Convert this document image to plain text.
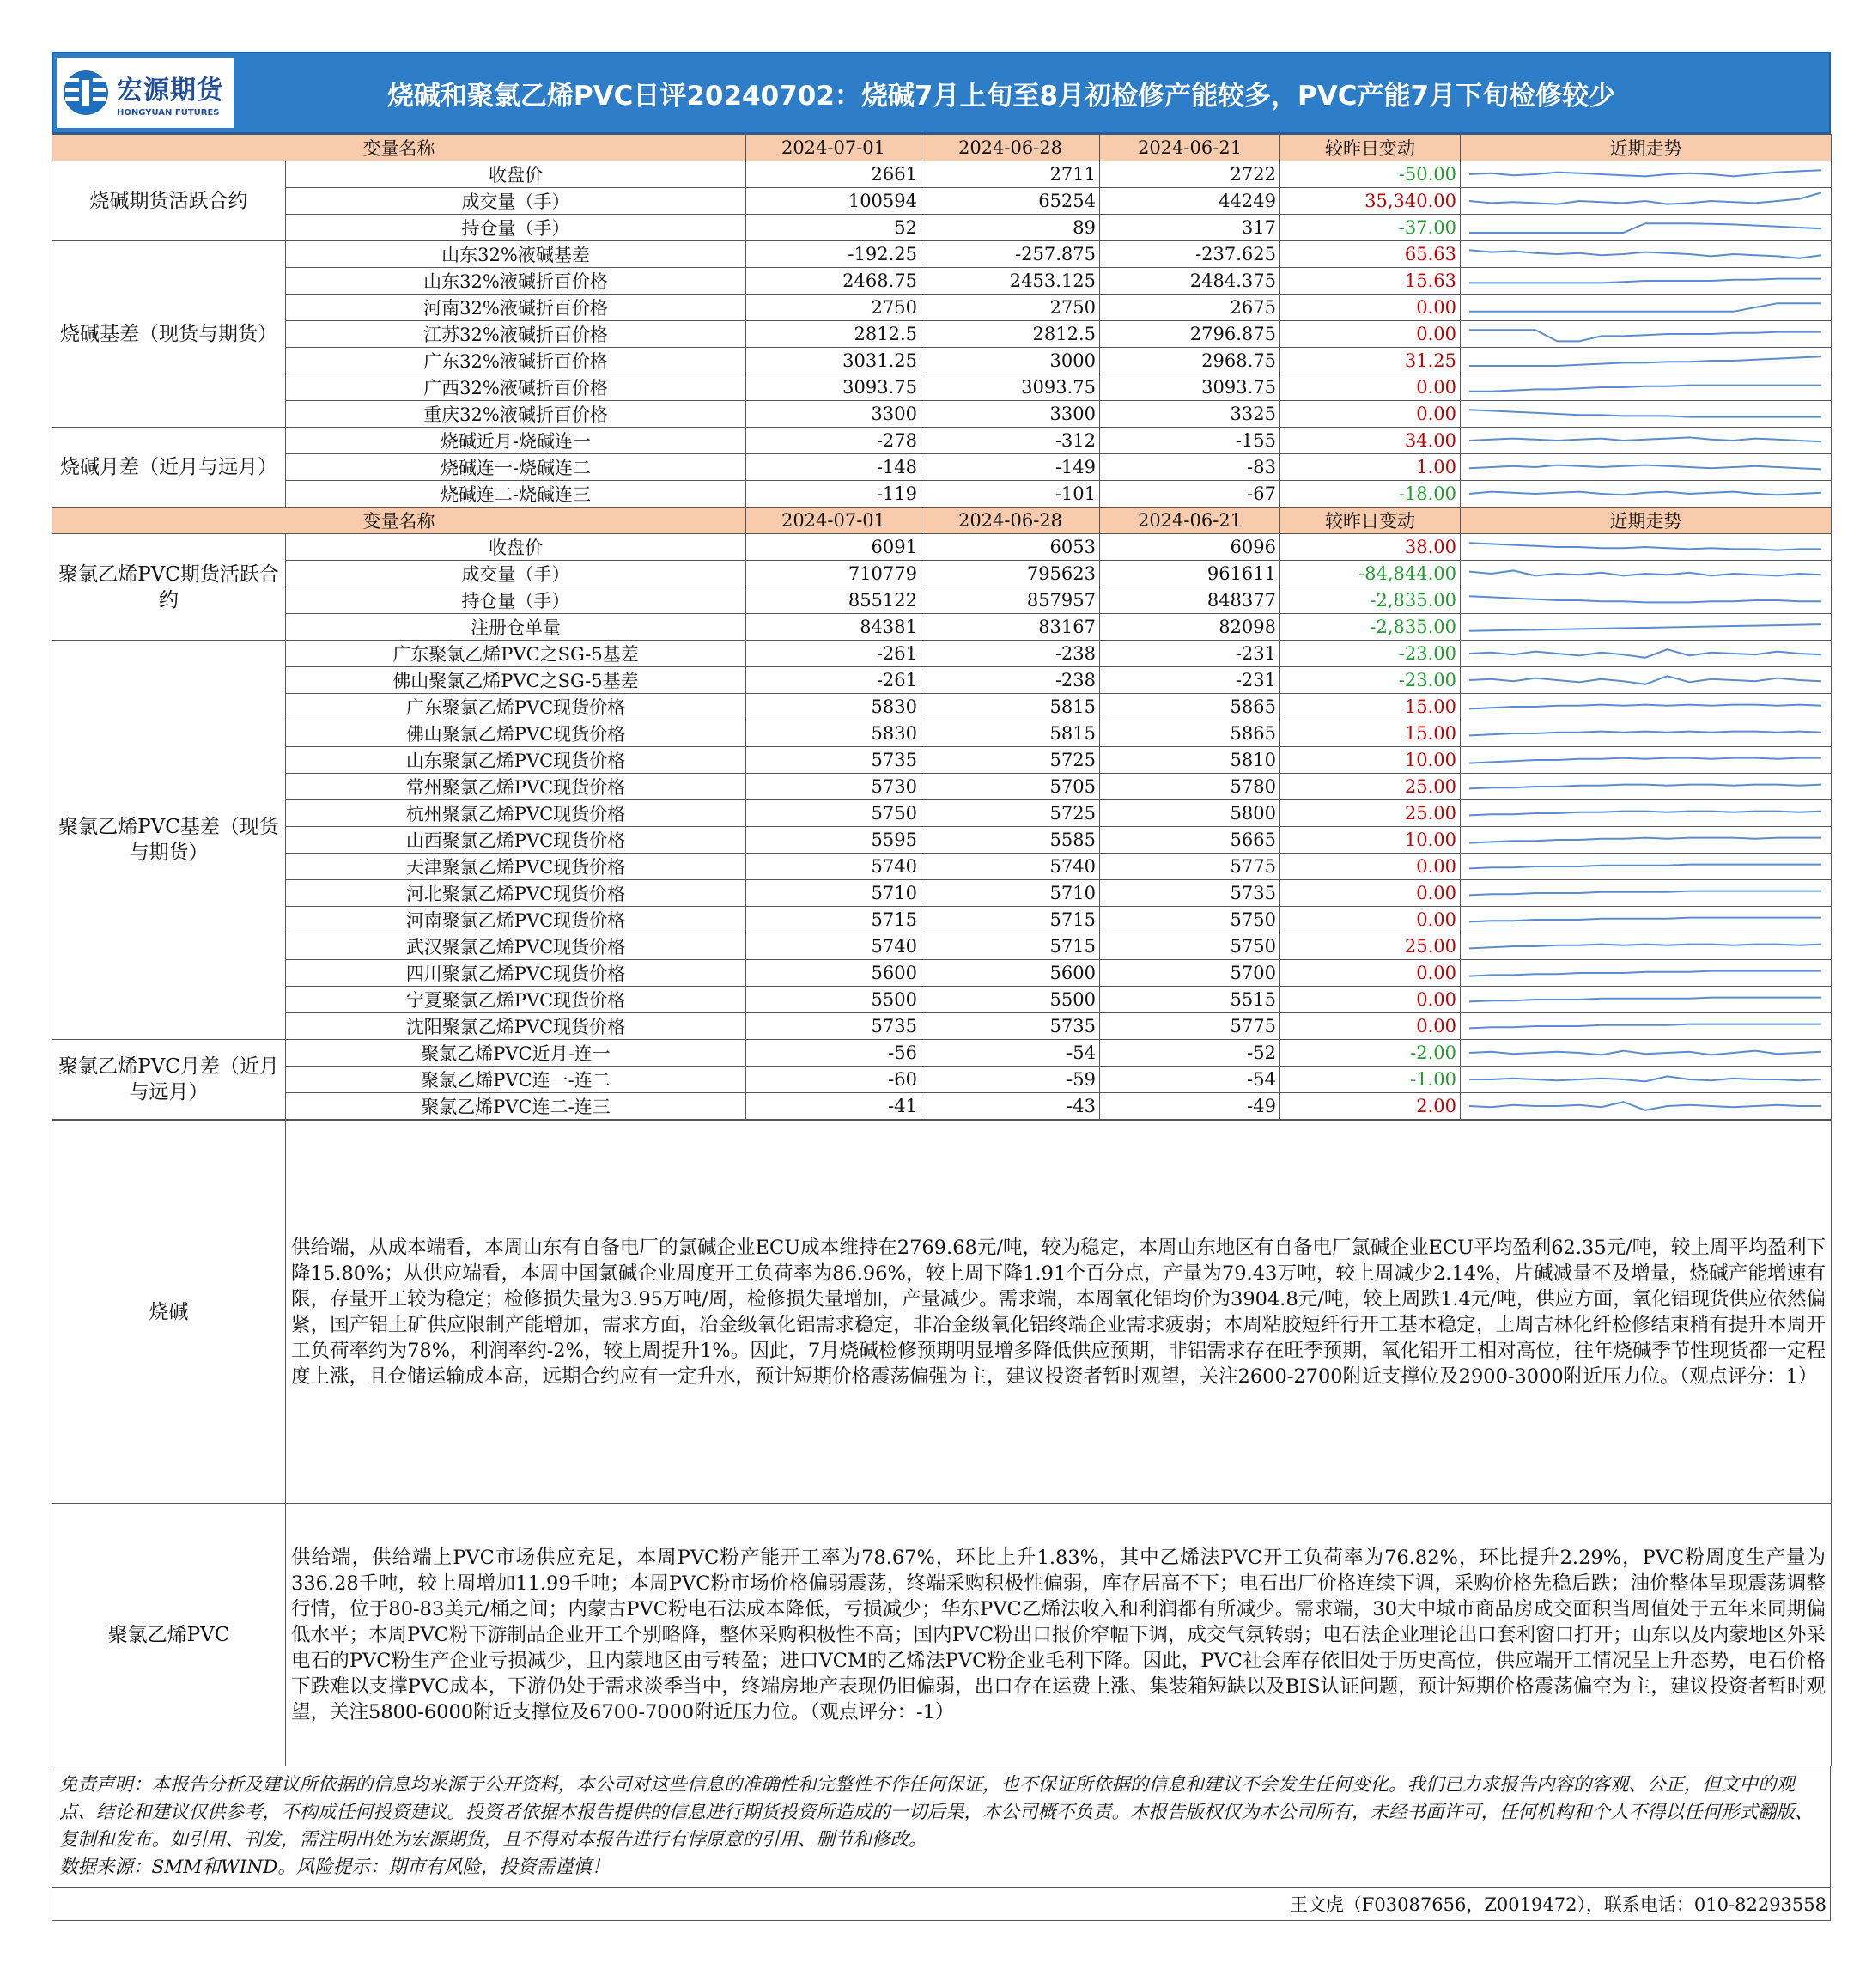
宏源期货
HONGYUAN FUTURES
烧碱和聚氯乙烯PVC日评20240702：烧碱7月上旬至8月初检修产能较多，PVC产能7月下旬检修较少
变量名称		2024-07-01	2024-06-28	2024-06-21	较昨日变动	近期走势
烧碱期货活跃合约	收盘价	2661	2711	2722	-50.00	

	成交量（手）	100594	65254	44249	35,340.00	

	持仓量（手）	52	89	317	-37.00	

烧碱基差（现货与期货）	山东32%液碱基差	-192.25	-257.875	-237.625	65.63	

	山东32%液碱折百价格	2468.75	2453.125	2484.375	15.63	

	河南32%液碱折百价格	2750	2750	2675	0.00	

	江苏32%液碱折百价格	2812.5	2812.5	2796.875	0.00	

	广东32%液碱折百价格	3031.25	3000	2968.75	31.25	

	广西32%液碱折百价格	3093.75	3093.75	3093.75	0.00	

	重庆32%液碱折百价格	3300	3300	3325	0.00	

烧碱月差（近月与远月）	烧碱近月-烧碱连一	-278	-312	-155	34.00	

	烧碱连一-烧碱连二	-148	-149	-83	1.00	

	烧碱连二-烧碱连三	-119	-101	-67	-18.00	

变量名称		2024-07-01	2024-06-28	2024-06-21	较昨日变动	近期走势
聚氯乙烯PVC期货活跃合约	收盘价	6091	6053	6096	38.00	

	成交量（手）	710779	795623	961611	-84,844.00	

	持仓量（手）	855122	857957	848377	-2,835.00	

	注册仓单量	84381	83167	82098	-2,835.00	

聚氯乙烯PVC基差（现货与期货）	广东聚氯乙烯PVC之SG-5基差	-261	-238	-231	-23.00	

	佛山聚氯乙烯PVC之SG-5基差	-261	-238	-231	-23.00	

	广东聚氯乙烯PVC现货价格	5830	5815	5865	15.00	

	佛山聚氯乙烯PVC现货价格	5830	5815	5865	15.00	

	山东聚氯乙烯PVC现货价格	5735	5725	5810	10.00	

	常州聚氯乙烯PVC现货价格	5730	5705	5780	25.00	

	杭州聚氯乙烯PVC现货价格	5750	5725	5800	25.00	

	山西聚氯乙烯PVC现货价格	5595	5585	5665	10.00	

	天津聚氯乙烯PVC现货价格	5740	5740	5775	0.00	

	河北聚氯乙烯PVC现货价格	5710	5710	5735	0.00	

	河南聚氯乙烯PVC现货价格	5715	5715	5750	0.00	

	武汉聚氯乙烯PVC现货价格	5740	5715	5750	25.00	

	四川聚氯乙烯PVC现货价格	5600	5600	5700	0.00	

	宁夏聚氯乙烯PVC现货价格	5500	5500	5515	0.00	

	沈阳聚氯乙烯PVC现货价格	5735	5735	5775	0.00	

聚氯乙烯PVC月差（近月与远月）	聚氯乙烯PVC近月-连一	-56	-54	-52	-2.00	

	聚氯乙烯PVC连一-连二	-60	-59	-54	-1.00	

	聚氯乙烯PVC连二-连三	-41	-43	-49	2.00	
烧碱	供给端，从成本端看，本周山东有自备电厂的氯碱企业ECU成本维持在2769.68元/吨，较为稳定，本周山东地区有自备电厂氯碱企业ECU平均盈利62.35元/吨，较上周平均盈利下降15.80%；从供应端看，本周中国氯碱企业周度开工负荷率为86.96%，较上周下降1.91个百分点，产量为79.43万吨，较上周减少2.14%，片碱减量不及增量，烧碱产能增速有限，存量开工较为稳定；检修损失量为3.95万吨/周，检修损失量增加，产量减少。需求端，本周氧化铝均价为3904.8元/吨，较上周跌1.4元/吨，供应方面，氧化铝现货供应依然偏紧，国产铝土矿供应限制产能增加，需求方面，冶金级氧化铝需求稳定，非冶金级氧化铝终端企业需求疲弱；本周粘胶短纤行开工基本稳定，上周吉林化纤检修结束稍有提升本周开工负荷率约为78%，利润率约-2%，较上周提升1%。因此，7月烧碱检修预期明显增多降低供应预期，非铝需求存在旺季预期，氧化铝开工相对高位，往年烧碱季节性现货都一定程度上涨，且仓储运输成本高，远期合约应有一定升水，预计短期价格震荡偏强为主，建议投资者暂时观望，关注2600-2700附近支撑位及2900-3000附近压力位。（观点评分：1）
聚氯乙烯PVC	供给端，供给端上PVC市场供应充足，本周PVC粉产能开工率为78.67%，环比上升1.83%，其中乙烯法PVC开工负荷率为76.82%，环比提升2.29%，PVC粉周度生产量为336.28千吨，较上周增加11.99千吨；本周PVC粉市场价格偏弱震荡，终端采购积极性偏弱，库存居高不下；电石出厂价格连续下调，采购价格先稳后跌；油价整体呈现震荡调整行情，位于80-83美元/桶之间；内蒙古PVC粉电石法成本降低，亏损减少；华东PVC乙烯法收入和利润都有所减少。需求端，30大中城市商品房成交面积当周值处于五年来同期偏低水平；本周PVC粉下游制品企业开工个别略降，整体采购积极性不高；国内PVC粉出口报价窄幅下调，成交气氛转弱；电石法企业理论出口套利窗口打开；山东以及内蒙地区外采电石的PVC粉生产企业亏损减少，且内蒙地区由亏转盈；进口VCM的乙烯法PVC粉企业毛利下降。因此，PVC社会库存依旧处于历史高位，供应端开工情况呈上升态势，电石价格下跌难以支撑PVC成本，下游仍处于需求淡季当中，终端房地产表现仍旧偏弱，出口存在运费上涨、集装箱短缺以及BIS认证问题，预计短期价格震荡偏空为主，建议投资者暂时观望，关注5800-6000附近支撑位及6700-7000附近压力位。（观点评分：-1）
免责声明：本报告分析及建议所依据的信息均来源于公开资料，本公司对这些信息的准确性和完整性不作任何保证，也不保证所依据的信息和建议不会发生任何变化。我们已力求报告内容的客观、公正，但文中的观点、结论和建议仅供参考，不构成任何投资建议。投资者依据本报告提供的信息进行期货投资所造成的一切后果，本公司概不负责。本报告版权仅为本公司所有，未经书面许可，任何机构和个人不得以任何形式翻版、复制和发布。如引用、刊发，需注明出处为宏源期货，且不得对本报告进行有悖原意的引用、删节和修改。
数据来源：SMM和WIND。风险提示：期市有风险，投资需谨慎！
王文虎（F03087656，Z0019472），联系电话：010-82293558
